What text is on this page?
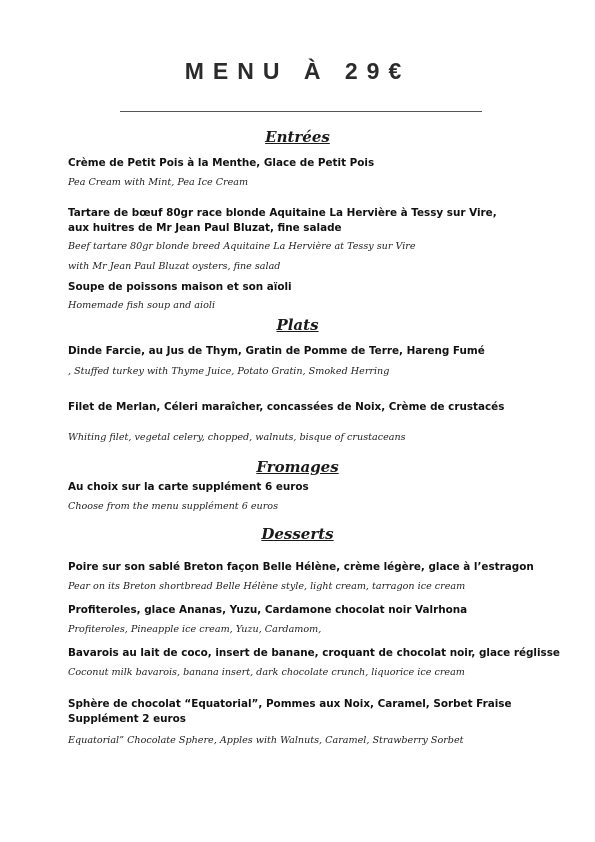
MENU À 29€
Entrées
Crème de Petit Pois à la Menthe, Glace de Petit Pois
Pea Cream with Mint, Pea Ice Cream
Tartare de bœuf 80gr race blonde Aquitaine La Hervière à Tessy sur Vire,
aux huitres de Mr Jean Paul Bluzat, fine salade
Beef tartare 80gr blonde breed Aquitaine La Hervière at Tessy sur Vire
with Mr Jean Paul Bluzat oysters, fine salad
Soupe de poissons maison et son aïoli
Homemade fish soup and aioli
Plats
Dinde Farcie, au Jus de Thym, Gratin de Pomme de Terre, Hareng Fumé
, Stuffed turkey with Thyme Juice, Potato Gratin, Smoked Herring
Filet de Merlan, Céleri maraîcher, concassées de Noix, Crème de crustacés
Whiting filet, vegetal celery, chopped, walnuts, bisque of crustaceans
Fromages
Au choix sur la carte supplément 6 euros
Choose from the menu supplément 6 euros
Desserts
Poire sur son sablé Breton façon Belle Hélène, crème légère, glace à l’estragon
Pear on its Breton shortbread Belle Hélène style, light cream, tarragon ice cream
Profiteroles, glace Ananas, Yuzu, Cardamone chocolat noir Valrhona
Profiteroles, Pineapple ice cream, Yuzu, Cardamom,
Bavarois au lait de coco, insert de banane, croquant de chocolat noir, glace réglisse
Coconut milk bavarois, banana insert, dark chocolate crunch, liquorice ice cream
Sphère de chocolat “Equatorial”, Pommes aux Noix, Caramel, Sorbet Fraise
Supplément 2 euros
Equatorial” Chocolate Sphere, Apples with Walnuts, Caramel, Strawberry Sorbet
